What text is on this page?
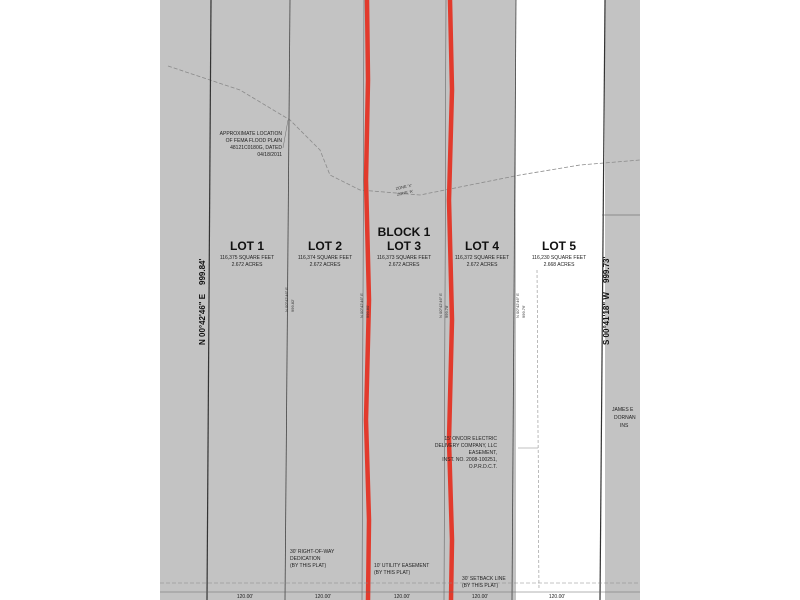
LOT 1
116,375 SQUARE FEET
2.672 ACRES
LOT 2
116,374 SQUARE FEET
2.672 ACRES
BLOCK 1
LOT 3
116,373 SQUARE FEET
2.672 ACRES
LOT 4
116,372 SQUARE FEET
2.672 ACRES
LOT 5
116,230 SQUARE FEET
2.668 ACRES
N 00°42'46" E
999.84'
S 00°41'18" W
999.73'
N 00°42'46" E 999.82'	N 00°42'46" E 999.80'	N 00°42'46" E 999.78'	N 00°42'46" E 999.76'
APPROXIMATE LOCATION
OF FEMA FLOOD PLAIN
48121C0180G, DATED
04/18/2011
ZONE 'X'
ZONE 'A'
15' ONCOR ELECTRIC
DELIVERY COMPANY, LLC
EASEMENT,
INST. NO. 2008-100251,
O.P.R.D.C.T.
30' RIGHT-OF-WAY
DEDICATION
(BY THIS PLAT)	10' UTILITY EASEMENT
(BY THIS PLAT)
30' SETBACK LINE
(BY THIS PLAT)
JAMES E
DORNAN
INS
120.00'	120.00'	120.00'	120.00'	120.00'
